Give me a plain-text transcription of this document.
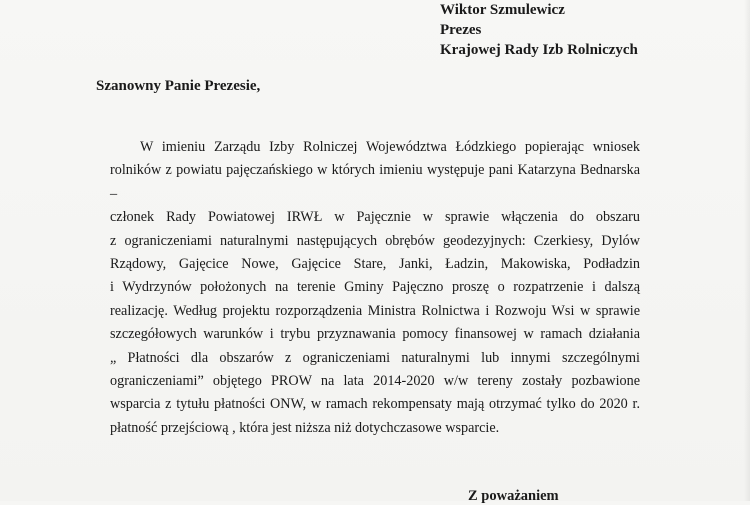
Wiktor Szmulewicz
Prezes
Krajowej Rady Izb Rolniczych
Szanowny Panie Prezesie,
W imieniu Zarządu Izby Rolniczej Województwa Łódzkiego popierając wniosek
rolników z powiatu pajęczańskiego w których imieniu występuje pani Katarzyna Bednarska –
członek Rady Powiatowej IRWŁ w Pajęcznie w sprawie włączenia do obszaru
z ograniczeniami naturalnymi następujących obrębów geodezyjnych: Czerkiesy, Dylów
Rządowy, Gajęcice Nowe, Gajęcice Stare, Janki, Ładzin, Makowiska, Podładzin
i Wydrzynów położonych na terenie Gminy Pajęczno proszę o rozpatrzenie i dalszą
realizację. Według projektu rozporządzenia Ministra Rolnictwa i Rozwoju Wsi w sprawie
szczegółowych warunków i trybu przyznawania pomocy finansowej w ramach działania
„ Płatności dla obszarów z ograniczeniami naturalnymi lub innymi szczególnymi
ograniczeniami” objętego PROW na lata 2014-2020 w/w tereny zostały pozbawione
wsparcia z tytułu płatności ONW, w ramach rekompensaty mają otrzymać tylko do 2020 r.
płatność przejściową , która jest niższa niż dotychczasowe wsparcie.
Z poważaniem
